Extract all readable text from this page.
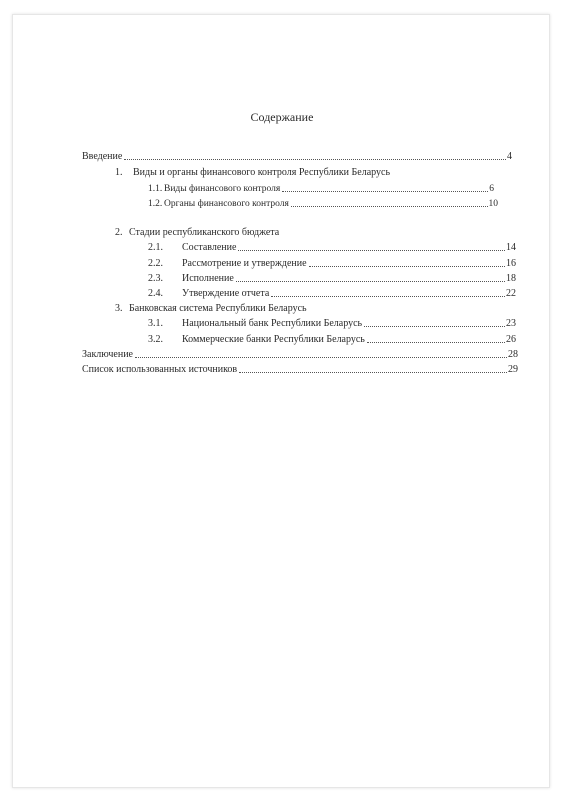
Содержание
Введение	4
1.	Виды и органы финансового контроля Республики Беларусь
1.1. Виды финансового контроля	6
1.2. Органы финансового контроля	10
2. Стадии республиканского бюджета
2.1.	Составление	14
2.2.	Рассмотрение и утверждение	16
2.3.	Исполнение	18
2.4.	Утверждение отчета	22
3. Банковская система Республики Беларусь
3.1.	Национальный банк Республики Беларусь	23
3.2.	Коммерческие банки Республики Беларусь	26
Заключение	28
Список использованных источников	29
